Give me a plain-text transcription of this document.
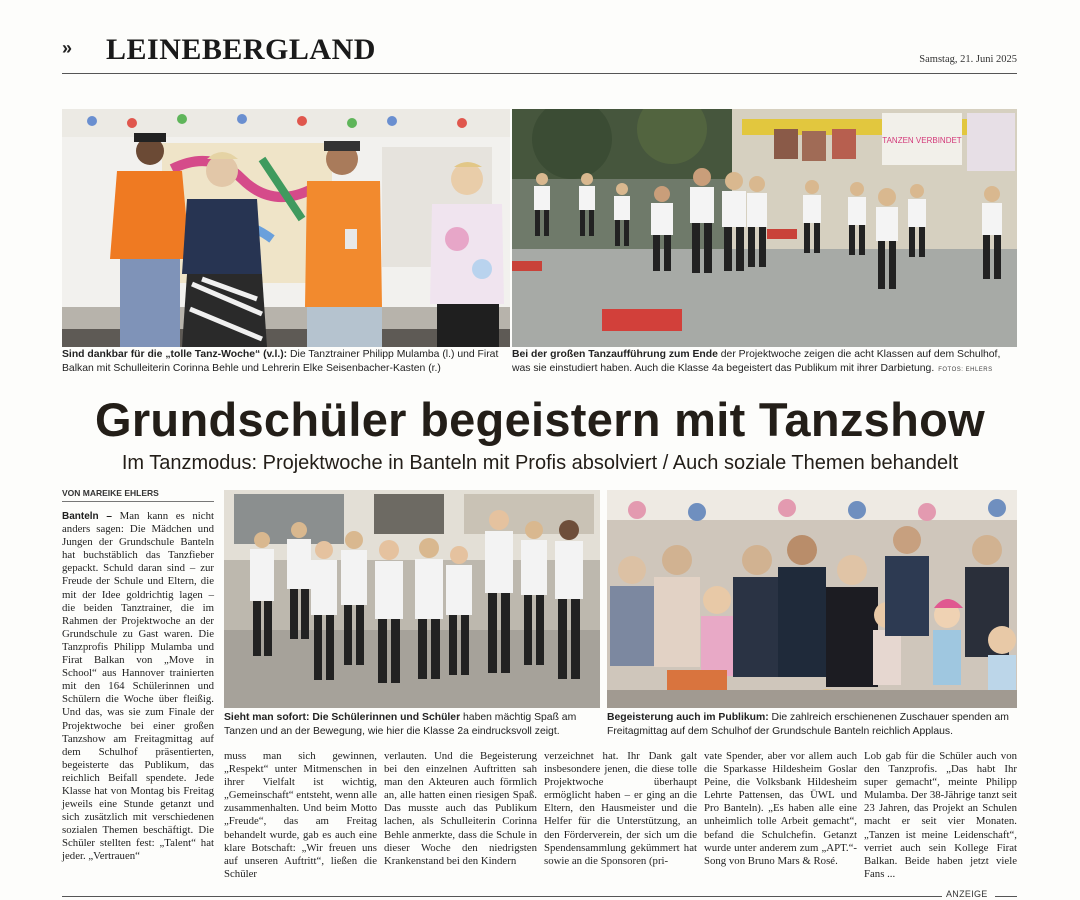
» LEINEBERGLAND	Samstag, 21. Juni 2025
Sind dankbar für die „tolle Tanz-Woche“ (v.l.): Die Tanztrainer Philipp Mulamba (l.) und Firat Balkan mit Schulleiterin Corinna Behle und Lehrerin Elke Seisenbacher-Kasten (r.)
TANZEN VERBINDET
Bei der großen Tanzaufführung zum Ende der Projektwoche zeigen die acht Klassen auf dem Schulhof, was sie einstudiert haben. Auch die Klasse 4a begeistert das Publikum mit ihrer Darbietung. FOTOS: EHLERS
Grundschüler begeistern mit Tanzshow
Im Tanzmodus: Projektwoche in Banteln mit Profis absolviert / Auch soziale Themen behandelt
VON MAREIKE EHLERS
Banteln – Man kann es nicht anders sagen: Die Mädchen und Jungen der Grundschule Banteln hat buchstäblich das Tanzfieber gepackt. Schuld daran sind – zur Freude der Schule und Eltern, die mit der Idee goldrichtig lagen – die beiden Tanztrainer, die im Rahmen der Projektwoche an der Grundschule zu Gast waren. Die Tanzprofis Philipp Mulamba und Firat Balkan von „Move in School“ aus Hannover trainierten mit den 164 Schülerinnen und Schülern die Woche über fleißig. Und das, was sie zum Finale der Projektwoche bei einer großen Tanzshow am Freitagmittag auf dem Schulhof präsentierten, begeisterte das Publikum, das reichlich Beifall spendete. Jede Klasse hat von Montag bis Freitag jeweils eine Stunde getanzt und sich zusätzlich mit verschiedenen sozialen Themen beschäftigt. Die Schüler stellten fest: „Talent“ hat jeder. „Vertrauen“
Sieht man sofort: Die Schülerinnen und Schüler haben mächtig Spaß am Tanzen und an der Bewegung, wie hier die Klasse 2a eindrucksvoll zeigt.
Begeisterung auch im Publikum: Die zahlreich erschienenen Zuschauer spenden am Freitagmittag auf dem Schulhof der Grundschule Banteln reichlich Applaus.
muss man sich gewinnen, „Respekt“ unter Mitmenschen in ihrer Vielfalt ist wichtig, „Gemeinschaft“ entsteht, wenn alle zusammenhalten. Und beim Motto „Freude“, das am Freitag behandelt wurde, gab es auch eine klare Botschaft: „Wir freuen uns auf unseren Auftritt“, ließen die Schüler
verlauten. Und die Begeisterung bei den einzelnen Auftritten sah man den Akteuren auch förmlich an, alle hatten einen riesigen Spaß. Das musste auch das Publikum lachen, als Schulleiterin Corinna Behle anmerkte, dass die Schule in dieser Woche den niedrigsten Krankenstand bei den Kindern
verzeichnet hat. Ihr Dank galt insbesondere jenen, die diese tolle Projektwoche überhaupt ermöglicht haben – er ging an die Eltern, den Hausmeister und die Helfer für die Unterstützung, an den Förderverein, der sich um die Spendensammlung gekümmert hat sowie an die Sponsoren (pri-
vate Spender, aber vor allem auch die Sparkasse Hildesheim Goslar Peine, die Volksbank Hildesheim Lehrte Pattensen, das ÜWL und Pro Banteln). „Es haben alle eine unheimlich tolle Arbeit gemacht“, befand die Schulchefin. Getanzt wurde unter anderem zum „APT.“-Song von Bruno Mars & Rosé.
Lob gab für die Schüler auch von den Tanzprofis. „Das habt Ihr super gemacht“, meinte Philipp Mulamba. Der 38-Jährige tanzt seit 23 Jahren, das Projekt an Schulen macht er seit vier Monaten. „Tanzen ist meine Leidenschaft“, verriet auch sein Kollege Firat Balkan. Beide haben jetzt viele Fans ...
ANZEIGE
